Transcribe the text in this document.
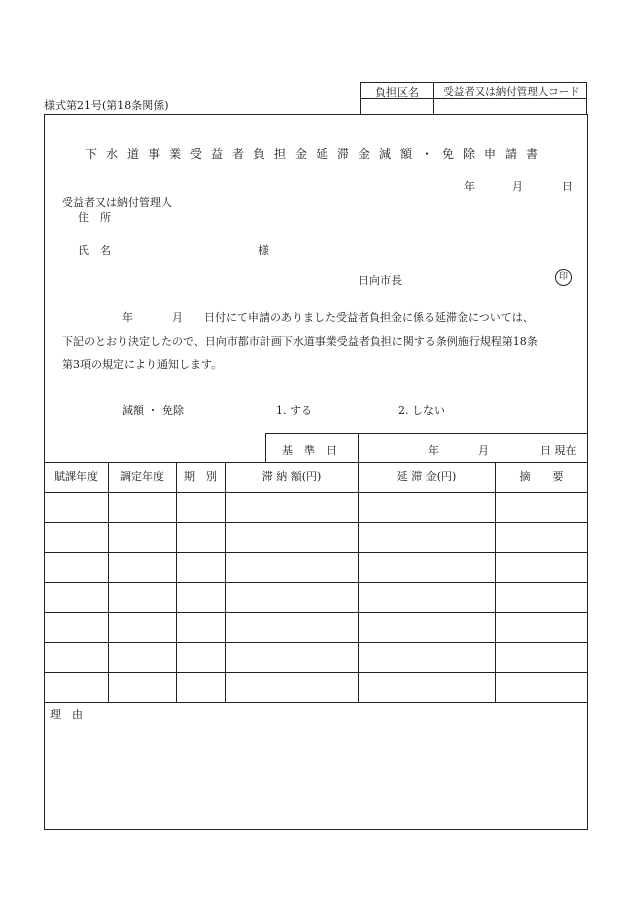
負担区名	受益者又は納付管理人コード
様式第21号(第18条関係)
下水道事業受益者負担金延滞金減額・免除申請書
年	月	日
受益者又は納付管理人
住　所
氏　名	様
日向市長	印
年	月 日付にて申請のありました受益者負担金に係る延滞金については、
下記のとおり決定したので、日向市都市計画下水道事業受益者負担に関する条例施行規程第18条
第3項の規定により通知します。
減額 ・ 免除	1. する	2. しない
基　準　日	年	月	日 現在
賦課年度	調定年度	期　別	滞 納 額(円)	延 滞 金(円)	摘　　要
理　由
